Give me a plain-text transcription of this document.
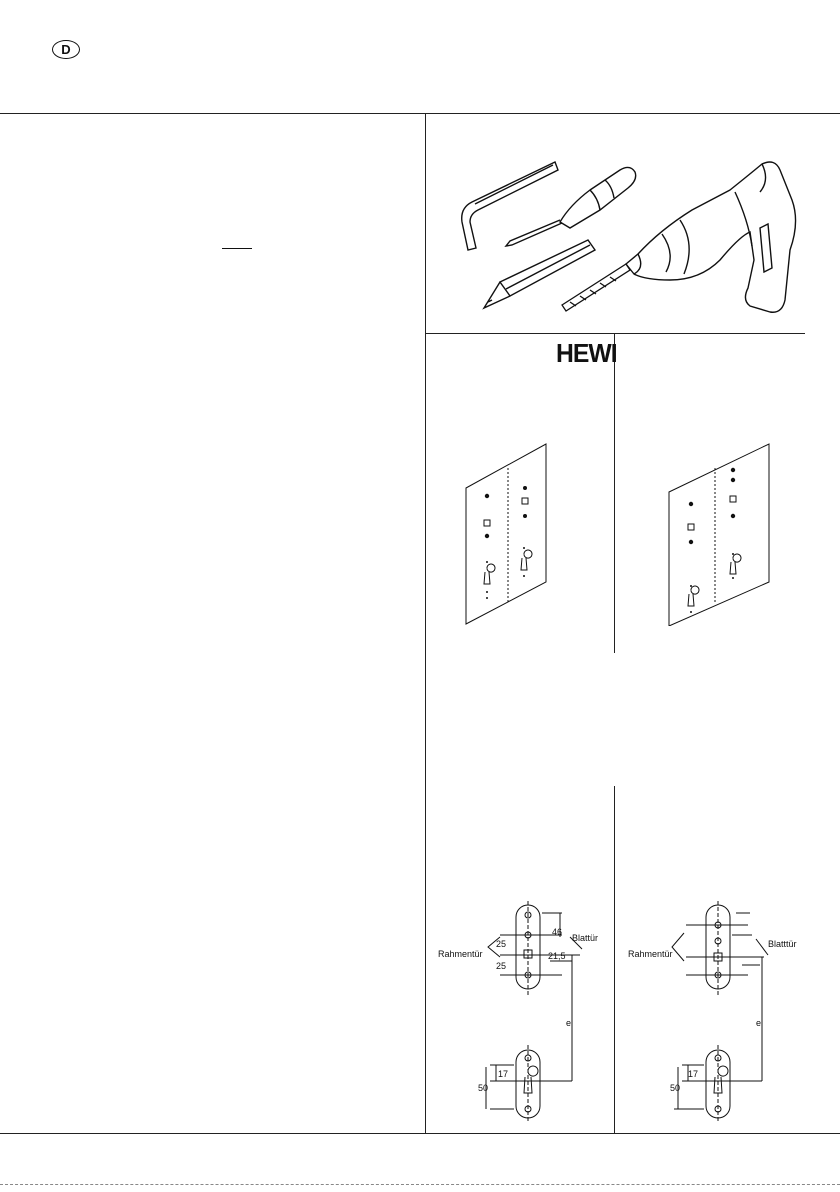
D
HEWI
Rahmentür
Blattür
25
25
46
21,5
e
17
50
Rahmentür
Blatttür
e
17
50
